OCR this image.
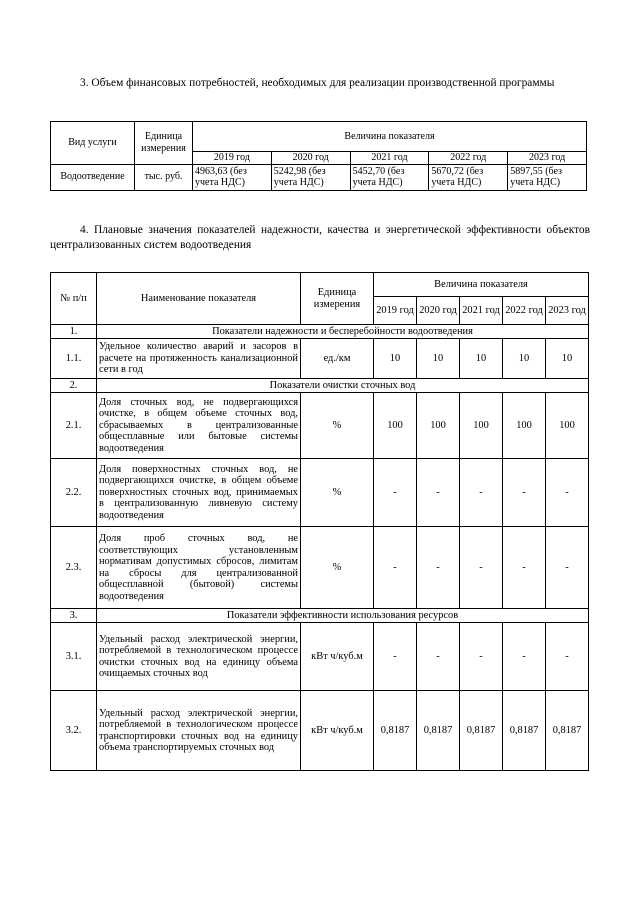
3. Объем финансовых потребностей, необходимых для реализации производственной программы
Вид услуги	Единица измерения	Величина показателя				
		2019 год	2020 год	2021 год	2022 год	2023 год
Водоотведение	тыс. руб.	4963,63 (без учета НДС)	5242,98 (без учета НДС)	5452,70 (без учета НДС)	5670,72 (без учета НДС)	5897,55 (без учета НДС)
4. Плановые значения показателей надежности, качества и энергетической эффективности объектов централизованных систем водоотведения
№ п/п	Наименование показателя	Единица измерения	Величина показателя				
			2019 год	2020 год	2021 год	2022 год	2023 год
1.	Показатели надежности и бесперебойности водоотведения						
1.1.	Удельное количество аварий и засоров в расчете на протяженность канализационной сети в год	ед./км	10	10	10	10	10
2.	Показатели очистки сточных вод						
2.1.	Доля сточных вод, не подвергающихся очистке, в общем объеме сточных вод, сбрасываемых в централизованные общесплавные или бытовые системы водоотведения	%	100	100	100	100	100
2.2.	Доля поверхностных сточных вод, не подвергающихся очистке, в общем объеме поверхностных сточных вод, принимаемых в централизованную ливневую систему водоотведения	%	-	-	-	-	-
2.3.	Доля проб сточных вод, не соответствующих установленным нормативам допустимых сбросов, лимитам на сбросы для централизованной общесплавной (бытовой) системы водоотведения	%	-	-	-	-	-
3.	Показатели эффективности использования ресурсов						
3.1.	Удельный расход электрической энергии, потребляемой в технологическом процессе очистки сточных вод на единицу объема очищаемых сточных вод	кВт ч/куб.м	-	-	-	-	-
3.2.	Удельный расход электрической энергии, потребляемой в технологическом процессе транспортировки сточных вод на единицу объема транспортируемых сточных вод	кВт ч/куб.м	0,8187	0,8187	0,8187	0,8187	0,8187
